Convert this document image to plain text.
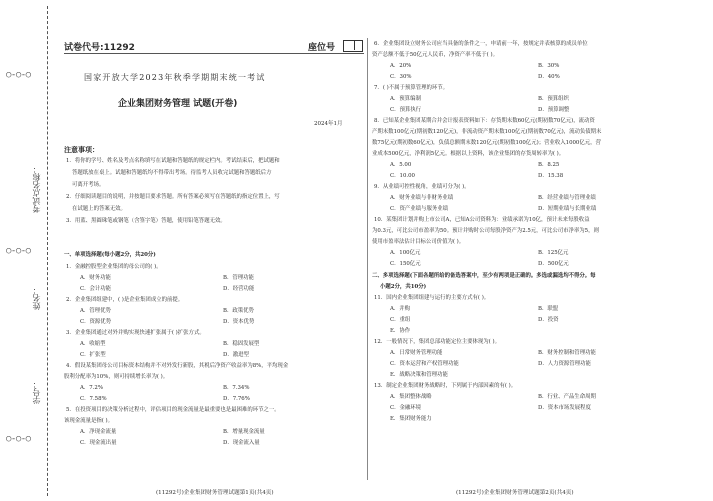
○-○-○
○-○-○
○-○-○
考试点名称：
姓名：
学号：
试卷代号:11292	座位号
国家开放大学2023年秋季学期期末统一考试
企业集团财务管理 试题(开卷)
2024年1月
注意事项：
1．将你的学号、姓名及考点名称填写在试题和答题纸的规定栏内。考试结束后，把试题和
答题纸放在桌上。试题和答题纸均不得带出考场。待监考人员收完试题和答题纸后方
可离开考场。
2．仔细阅读题目的说明，并按题目要求答题。所有答案必须写在答题纸的指定位置上，写
在试题上的答案无效。
3．用蓝、黑圆珠笔或钢笔（含签字笔）答题，使用铅笔答题无效。
一、单项选择题(每小题2分，共20分)
1．金融控股型企业集团的母公司的( )。
A．财务功能	B．管理功能
C．会计功能	D．经营功能
2．企业集团组建中，( )是企业集团成立的前提。
A．管理优势	B．政策优势
C．资源优势	D．资本优势
3．企业集团通过对外并购实现快速扩张属于( )扩张方式。
A．收缩型	B．稳固发展型
C．扩张型	D．激进型
4．假设某集团母公司目标资本结构并不对外发行新股，其税后净资产收益率为8%，平均现金
股利分配率为10%，则可持续增长率为( )。
A．7.2%	B．7.34%
C．7.58%	D．7.76%
5．在投资项目的决策分析过程中，评估项目的现金流量是最重要也是最困难的环节之一。
该现金流量是指( )。
A．净现金流量	B．增量现金流量
C．现金流出量	D．现金流入量
6．企业集团设立财务公司应当具备的条件之一，申请前一年，按规定并表核算的成员单位
资产总额不低于50亿元人民币，净资产率不低于( )。
A．20%	B．30%
C．30%	D．40%
7．( )不属于预算管理的环节。
A．预算编制	B．预算组织
C．预算执行	D．预算调整
8．已知某企业集团某期合并会计报表资料如下：存货期末数60亿元(期初数70亿元)，流动资
产期末数100亿元(期初数120亿元)，非流动资产期末数100亿元(期初数70亿元)，流动负债期末
数75亿元(期初数60亿元)，负债总额期末数120亿元(期初数100亿元)；营业收入1000亿元，营
业成本500亿元，净利润5亿元。根据以上资料，该企业集团的存货周转率为( )。
A．5.00	B．8.25
C．10.00	D．15.38
9．从业绩可控性视角，业绩可分为( )。
A．财务业绩与非财务业绩	B．经营业绩与管理业绩
C．资产业绩与服务业绩	D．短期业绩与长期业绩
10．某集团计划并购上市公司A，已知A公司资料为：业绩承诺为10亿，预计未来每股收益
为0.3元，可比公司市盈率为50。预计并购时公司每股净资产为2.5元，可比公司市净率为5，则
使用市盈率法估计目标公司价值为( )。
A．100亿元	B．125亿元
C．150亿元	D．500亿元
二、多项选择题(下面各题所给的备选答案中，至少有两项是正确的。多选或漏选均不得分。每
小题2分，共10分)
11．国内企业集团组建与运行的主要方式有( )。
A．并购	B．联盟
C．重组	D．投资
E．协作
12．一般情况下，集团总部功能定位主要体现为( )。
A．日常财务管理功能	B．财务控制和管理功能
C．资本运营和产权管理功能	D．人力资源管理功能
E．战略决策和管理功能
13．制定企业集团财务战略时，下列属于内部因素的有( )。
A．集团整体战略	B．行业、产品生命周期
C．金融环境	D．资本市场发展程度
E．集团财务能力
(11292号)企业集团财务管理试题第1页(共4页)	(11292号)企业集团财务管理试题第2页(共4页)
